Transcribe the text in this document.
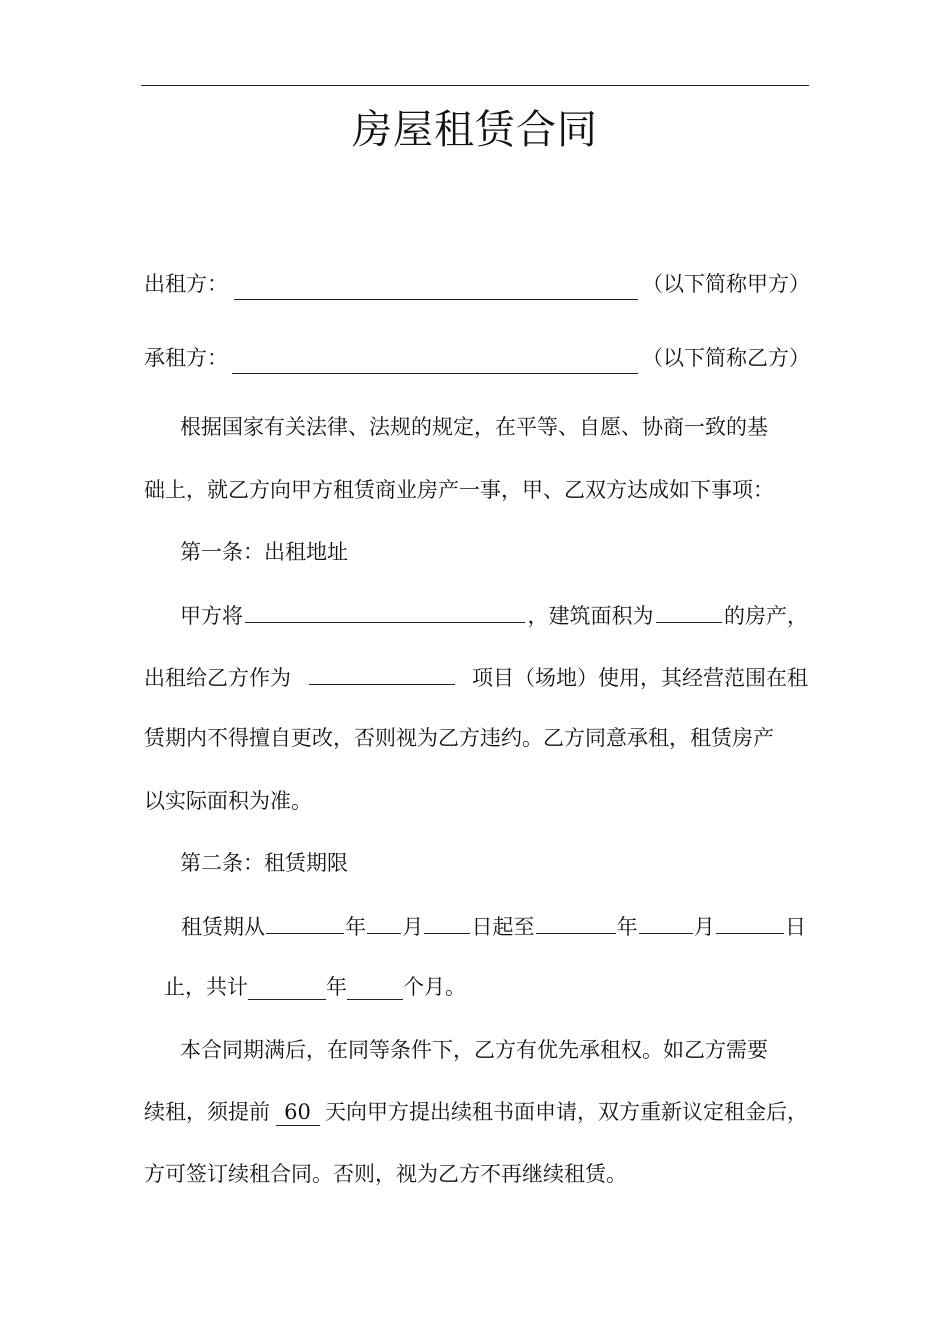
房屋租赁合同
出租方：	（以下简称甲方）
承租方：	（以下简称乙方）
根据国家有关法律、法规的规定，在平等、自愿、协商一致的基
础上，就乙方向甲方租赁商业房产一事，甲、乙双方达成如下事项：
第一条：出租地址
甲方将	，建筑面积为	的房产，
出租给乙方作为	项目（场地）使用，其经营范围在租
赁期内不得擅自更改，否则视为乙方违约。乙方同意承租，租赁房产
以实际面积为准。
第二条：租赁期限
租赁期从	年 月 日起至	年	月	日
止，共计	年	个月。
本合同期满后，在同等条件下，乙方有优先承租权。如乙方需要
续租，须提前 60 天向甲方提出续租书面申请，双方重新议定租金后，
方可签订续租合同。否则，视为乙方不再继续租赁。
